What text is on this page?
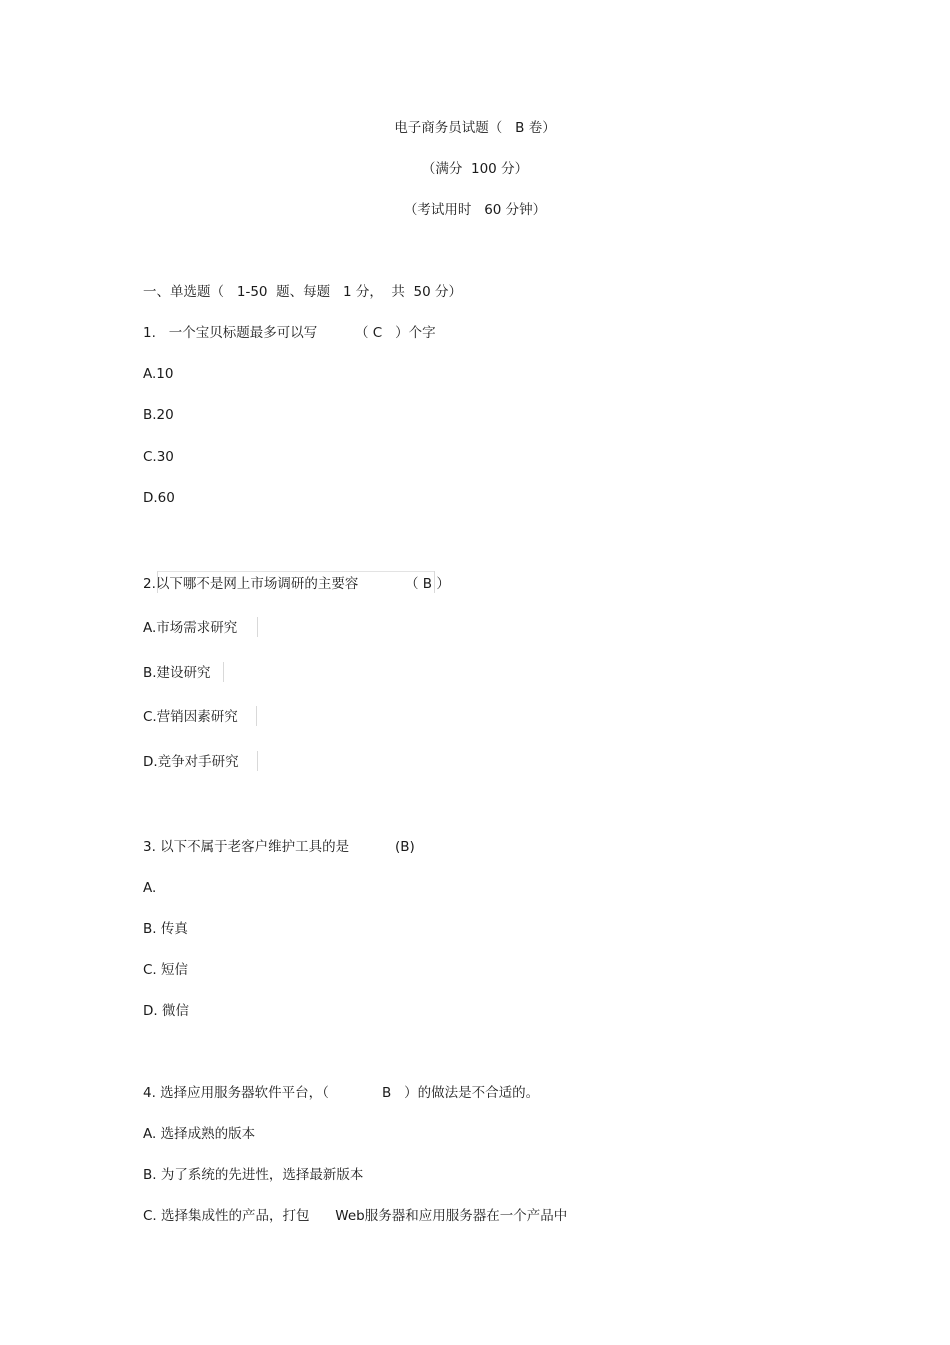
电子商务员试题（   B 卷）
（满分  100 分）
（考试用时   60 分钟）
一、单选题（   1-50  题、每题   1 分，  共  50 分）
1.   一个宝贝标题最多可以写	（ C   ）个字
A.10
B.20
C.30
D.60
2.以下哪不是网上市场调研的主要容	（ B ）
A.市场需求研究
B.建设研究
C.营销因素研究
D.竞争对手研究
3. 以下不属于老客户维护工具的是	(B)
A.
B. 传真
C. 短信
D. 微信
4. 选择应用服务器软件平台，（	B   ）的做法是不合适的。
A. 选择成熟的版本
B. 为了系统的先进性，选择最新版本
C. 选择集成性的产品，打包      Web服务器和应用服务器在一个产品中
